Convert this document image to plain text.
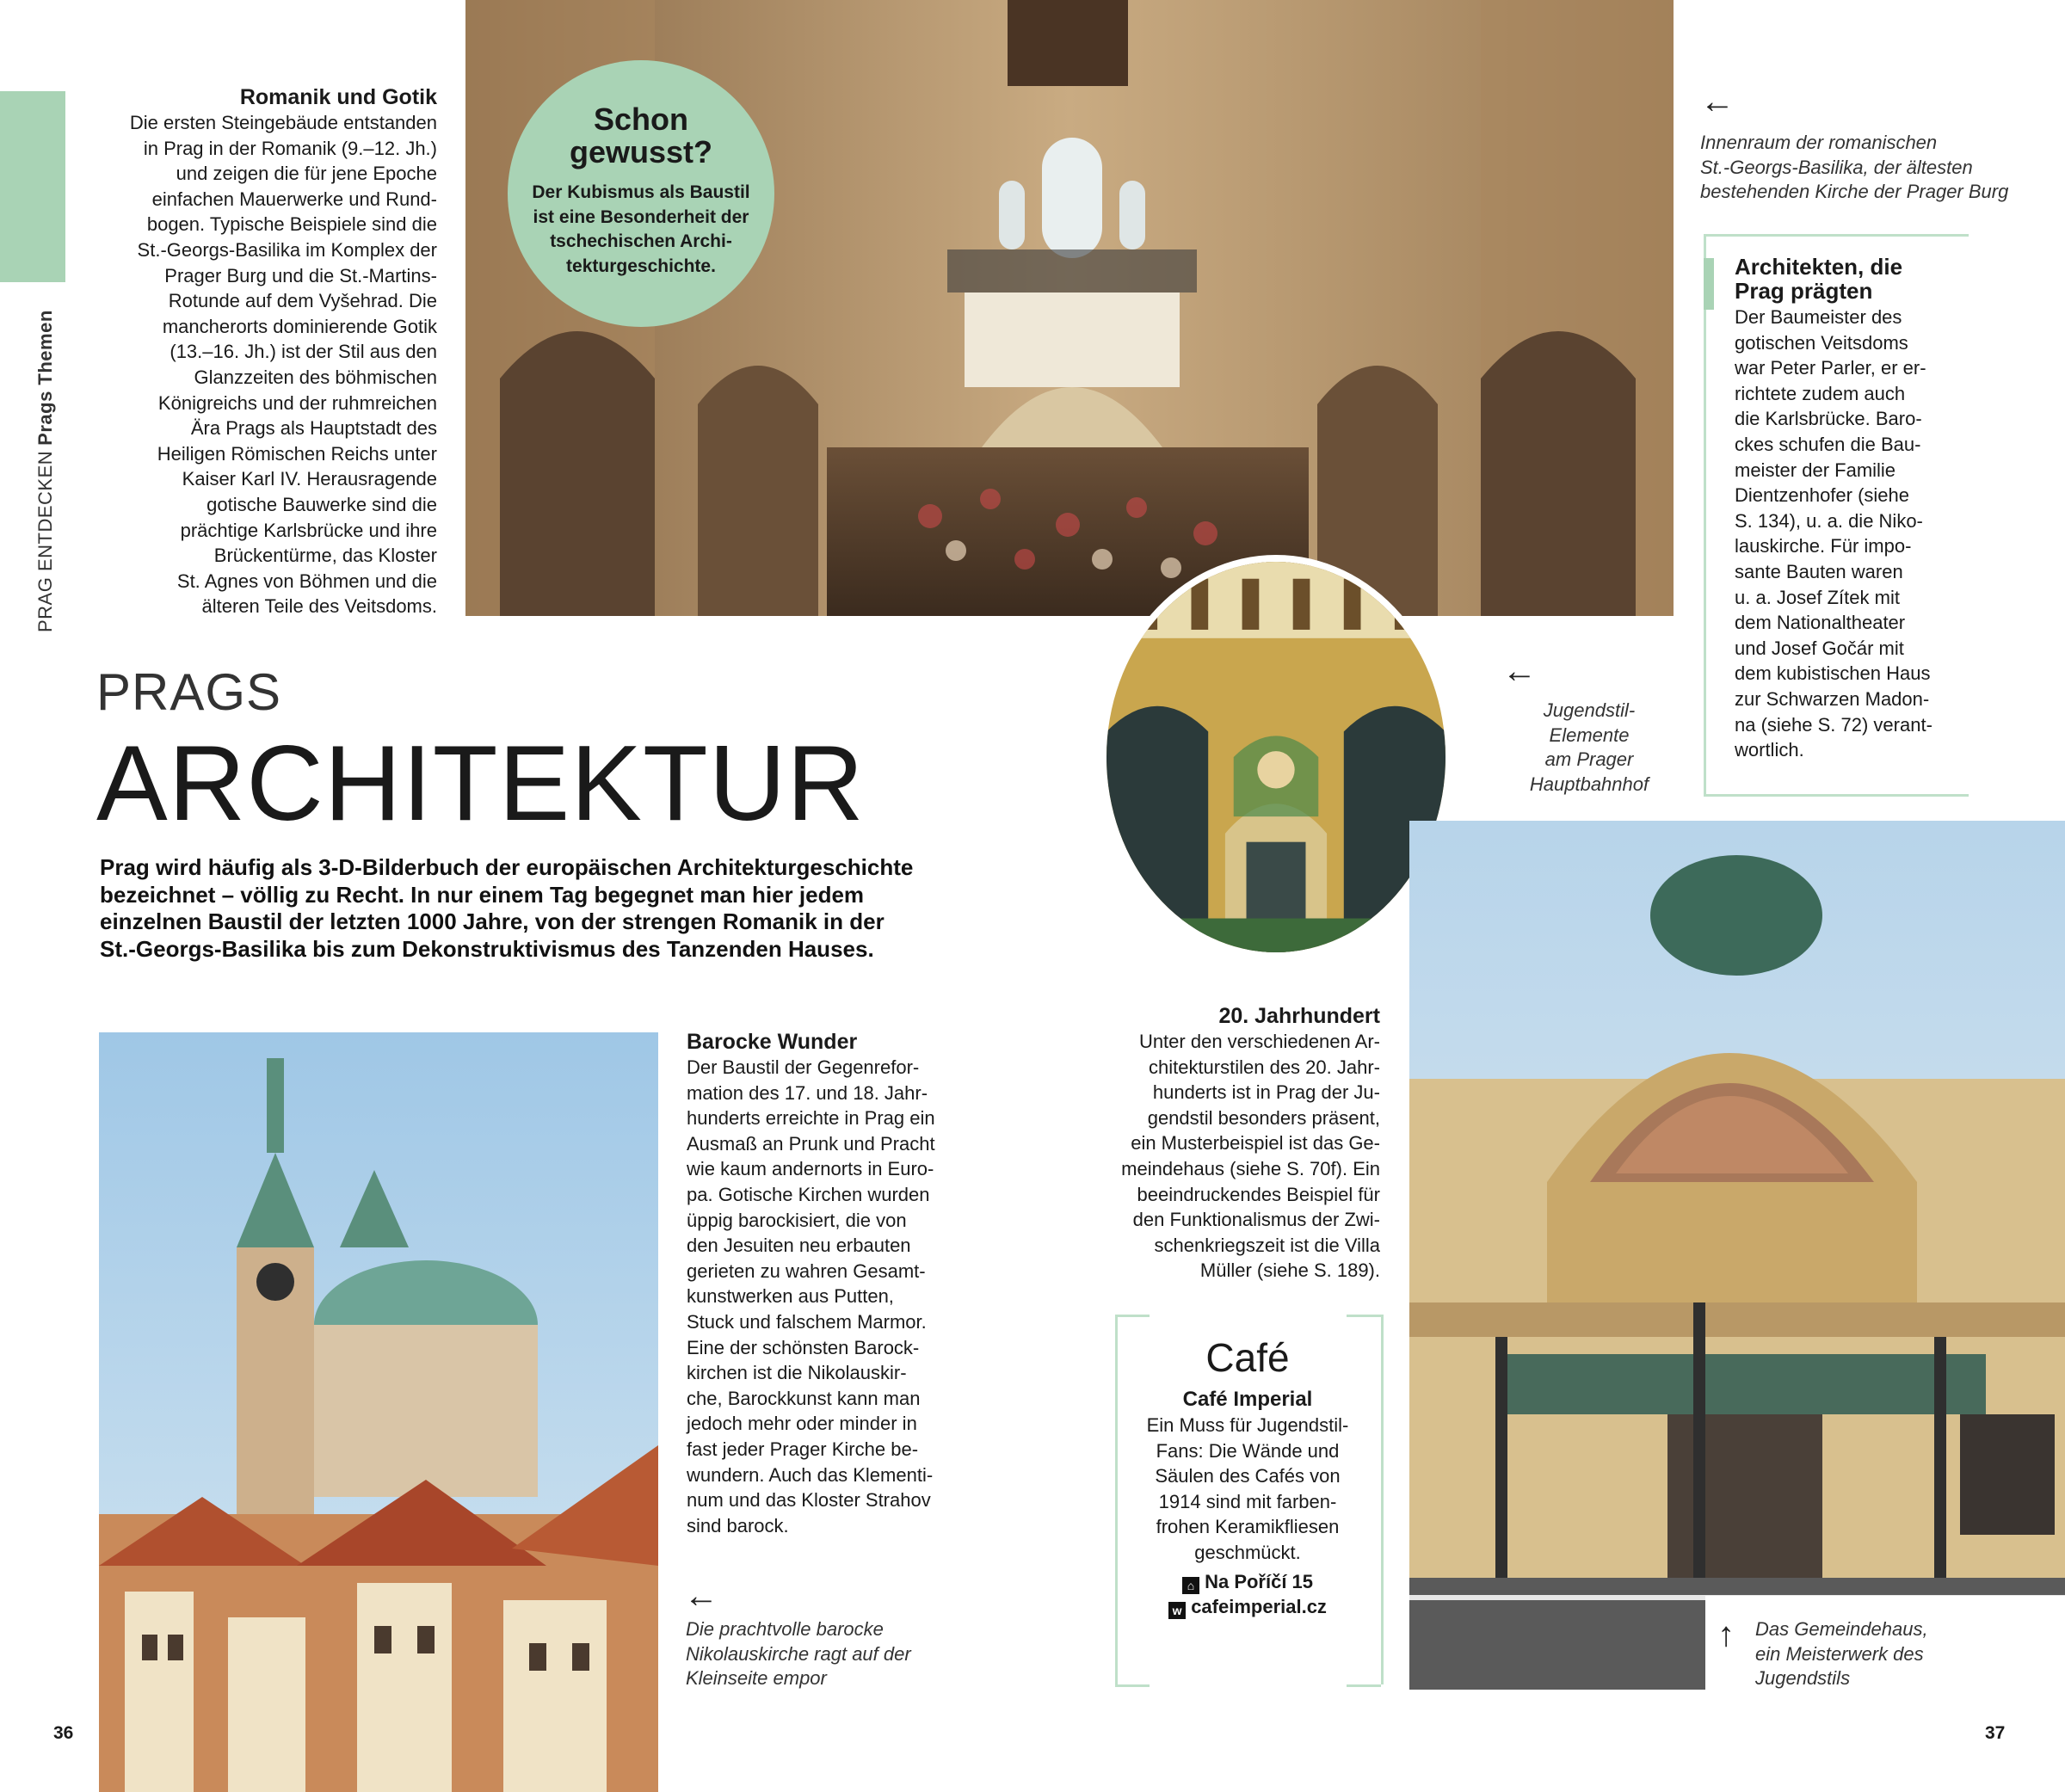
PRAG ENTDECKENPrags Themen
Romanik und Gotik
Die ersten Steingebäude entstanden
in Prag in der Romanik (9.–12. Jh.)
und zeigen die für jene Epoche
einfachen Mauerwerke und Rund-
bogen. Typische Beispiele sind die
St.-Georgs-Basilika im Komplex der
Prager Burg und die St.-Martins-
Rotunde auf dem Vyšehrad. Die
mancherorts dominierende Gotik
(13.–16. Jh.) ist der Stil aus den
Glanzzeiten des böhmischen
Königreichs und der ruhmreichen
Ära Prags als Hauptstadt des
Heiligen Römischen Reichs unter
Kaiser Karl IV. Herausragende
gotische Bauwerke sind die
prächtige Karlsbrücke und ihre
Brückentürme, das Kloster
St. Agnes von Böhmen und die
älteren Teile des Veitsdoms.
Schon
gewusst?

Der Kubismus als Baustil
ist eine Besonderheit der
tschechischen Archi-
tekturgeschichte.

←
Innenraum der romanischen
St.-Georgs-Basilika, der ältesten
bestehenden Kirche der Prager Burg
Architekten, die
Prag prägten
Der Baumeister des
gotischen Veitsdoms
war Peter Parler, er er-
richtete zudem auch
die Karlsbrücke. Baro-
ckes schufen die Bau-
meister der Familie
Dientzenhofer (siehe
S. 134), u. a. die Niko-
lauskirche. Für impo-
sante Bauten waren
u. a. Josef Zítek mit
dem Nationaltheater
und Josef Gočár mit
dem kubistischen Haus
zur Schwarzen Madon-
na (siehe S. 72) verant-
wortlich.
PRAGS
ARCHITEKTUR
Prag wird häufig als 3-D-Bilderbuch der europäischen Architekturgeschichte
bezeichnet – völlig zu Recht. In nur einem Tag begegnet man hier jedem
einzelnen Baustil der letzten 1000 Jahre, von der strengen Romanik in der
St.-Georgs-Basilika bis zum Dekonstruktivismus des Tanzenden Hauses.
←
Jugendstil-
Elemente
am Prager
Hauptbahnhof
Barocke Wunder
Der Baustil der Gegenrefor-
mation des 17. und 18. Jahr-
hunderts erreichte in Prag ein
Ausmaß an Prunk und Pracht
wie kaum andernorts in Euro-
pa. Gotische Kirchen wurden
üppig barockisiert, die von
den Jesuiten neu erbauten
gerieten zu wahren Gesamt-
kunstwerken aus Putten,
Stuck und falschem Marmor.
Eine der schönsten Barock-
kirchen ist die Nikolauskir-
che, Barockkunst kann man
jedoch mehr oder minder in
fast jeder Prager Kirche be-
wundern. Auch das Klementi-
num und das Kloster Strahov
sind barock.
←
Die prachtvolle barocke
Nikolauskirche ragt auf der
Kleinseite empor
20. Jahrhundert
Unter den verschiedenen Ar-
chitekturstilen des 20. Jahr-
hunderts ist in Prag der Ju-
gendstil besonders präsent,
ein Musterbeispiel ist das Ge-
meindehaus (siehe S. 70f). Ein
beeindruckendes Beispiel für
den Funktionalismus der Zwi-
schenkriegszeit ist die Villa
Müller (siehe S. 189).
Café
Café Imperial
Ein Muss für Jugendstil-
Fans: Die Wände und
Säulen des Cafés von
1914 sind mit farben-
frohen Keramikfliesen
geschmückt.
⌂ Na Poříčí 15
w cafeimperial.cz
↑ Das Gemeindehaus,
ein Meisterwerk des
Jugendstils
36	37
